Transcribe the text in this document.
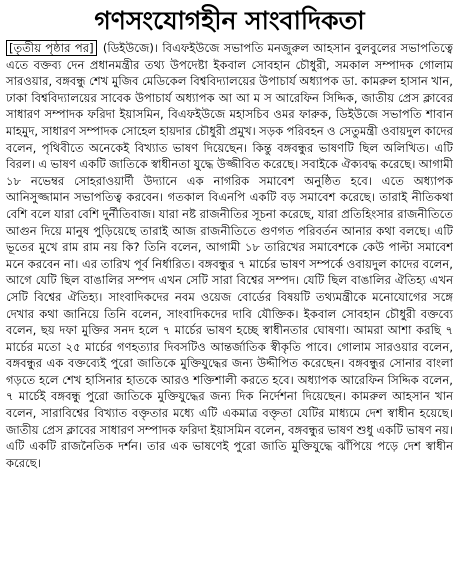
গণসংযোগহীন সাংবাদিকতা
[তৃতীয় পৃষ্ঠার পর] (ডিইউজে)। বিএফইউজে সভাপতি মনজুরুল আহসান বুলবুলের সভাপতিত্বে এতে বক্তব্য দেন প্রধানমন্ত্রীর তথ্য উপদেষ্টা ইকবাল সোবহান চৌধুরী, সমকাল সম্পাদক গোলাম সারওয়ার, বঙ্গবন্ধু শেখ মুজিব মেডিকেল বিশ্ববিদ্যালয়ের উপাচার্য অধ্যাপক ডা. কামরুল হাসান খান, ঢাকা বিশ্ববিদ্যালয়ের সাবেক উপাচার্য অধ্যাপক আ আ ম স আরেফিন সিদ্দিক, জাতীয় প্রেস ক্লাবের সাধারণ সম্পাদক ফরিদা ইয়াসমিন, বিএফইউজে মহাসচিব ওমর ফারুক, ডিইউজে সভাপতি শাবান মাহমুদ, সাধারণ সম্পাদক সোহেল হায়দার চৌধুরী প্রমুখ। সড়ক পরিবহন ও সেতুমন্ত্রী ওবায়দুল কাদের বলেন, পৃথিবীতে অনেকেই বিখ্যাত ভাষণ দিয়েছেন। কিন্তু বঙ্গবন্ধুর ভাষণটি ছিল অলিখিত। এটি বিরল। এ ভাষণ একটি জাতিকে স্বাধীনতা যুদ্ধে উজ্জীবিত করেছে। সবাইকে ঐক্যবদ্ধ করেছে। আগামী ১৮ নভেম্বর সোহরাওয়ার্দী উদ্যানে এক নাগরিক সমাবেশ অনুষ্ঠিত হবে। এতে অধ্যাপক আনিসুজ্জামান সভাপতিত্ব করবেন। গতকাল বিএনপি একটি বড় সমাবেশ করেছে। তারাই নীতিকথা বেশি বলে যারা বেশি দুর্নীতিবাজ। যারা নষ্ট রাজনীতির সূচনা করেছে, যারা প্রতিহিংসার রাজনীতিতে আগুন দিয়ে মানুষ পুড়িয়েছে তারাই আজ রাজনীতিতে গুণগত পরিবর্তন আনার কথা বলছে। এটি ভূতের মুখে রাম রাম নয় কি? তিনি বলেন, আগামী ১৮ তারিখের সমাবেশকে কেউ পাল্টা সমাবেশ মনে করবেন না। এর তারিখ পূর্ব নির্ধারিত। বঙ্গবন্ধুর ৭ মার্চের ভাষণ সম্পর্কে ওবায়দুল কাদের বলেন, আগে যেটি ছিল বাঙালির সম্পদ এখন সেটি সারা বিশ্বের সম্পদ। যেটি ছিল বাঙালির ঐতিহ্য এখন সেটি বিশ্বের ঐতিহ্য। সাংবাদিকদের নবম ওয়েজ বোর্ডের বিষয়টি তথ্যমন্ত্রীকে মনোযোগের সঙ্গে দেখার কথা জানিয়ে তিনি বলেন, সাংবাদিকদের দাবি যৌক্তিক। ইকবাল সোবহান চৌধুরী বক্তব্যে বলেন, ছয় দফা মুক্তির সনদ হলে ৭ মার্চের ভাষণ হচ্ছে স্বাধীনতার ঘোষণা। আমরা আশা করছি ৭ মার্চের মতো ২৫ মার্চের গণহত্যার দিবসটিও আন্তর্জাতিক স্বীকৃতি পাবে। গোলাম সারওয়ার বলেন, বঙ্গবন্ধুর এক বক্তব্যেই পুরো জাতিকে মুক্তিযুদ্ধের জন্য উদ্দীপিত করেছেন। বঙ্গবন্ধুর সোনার বাংলা গড়তে হলে শেখ হাসিনার হাতকে আরও শক্তিশালী করতে হবে। অধ্যাপক আরেফিন সিদ্দিক বলেন, ৭ মার্চেই বঙ্গবন্ধু পুরো জাতিকে মুক্তিযুদ্ধের জন্য দিক নির্দেশনা দিয়েছেন। কামরুল আহসান খান বলেন, সারাবিশ্বের বিখ্যাত বক্তৃতার মধ্যে এটি একমাত্র বক্তৃতা যেটির মাধ্যমে দেশ স্বাধীন হয়েছে। জাতীয় প্রেস ক্লাবের সাধারণ সম্পাদক ফরিদা ইয়াসমিন বলেন, বঙ্গবন্ধুর ভাষণ শুধু একটি ভাষণ নয়। এটি একটি রাজনৈতিক দর্শন। তার এক ভাষণেই পুরো জাতি মুক্তিযুদ্ধে ঝাঁপিয়ে পড়ে দেশ স্বাধীন করেছে।
